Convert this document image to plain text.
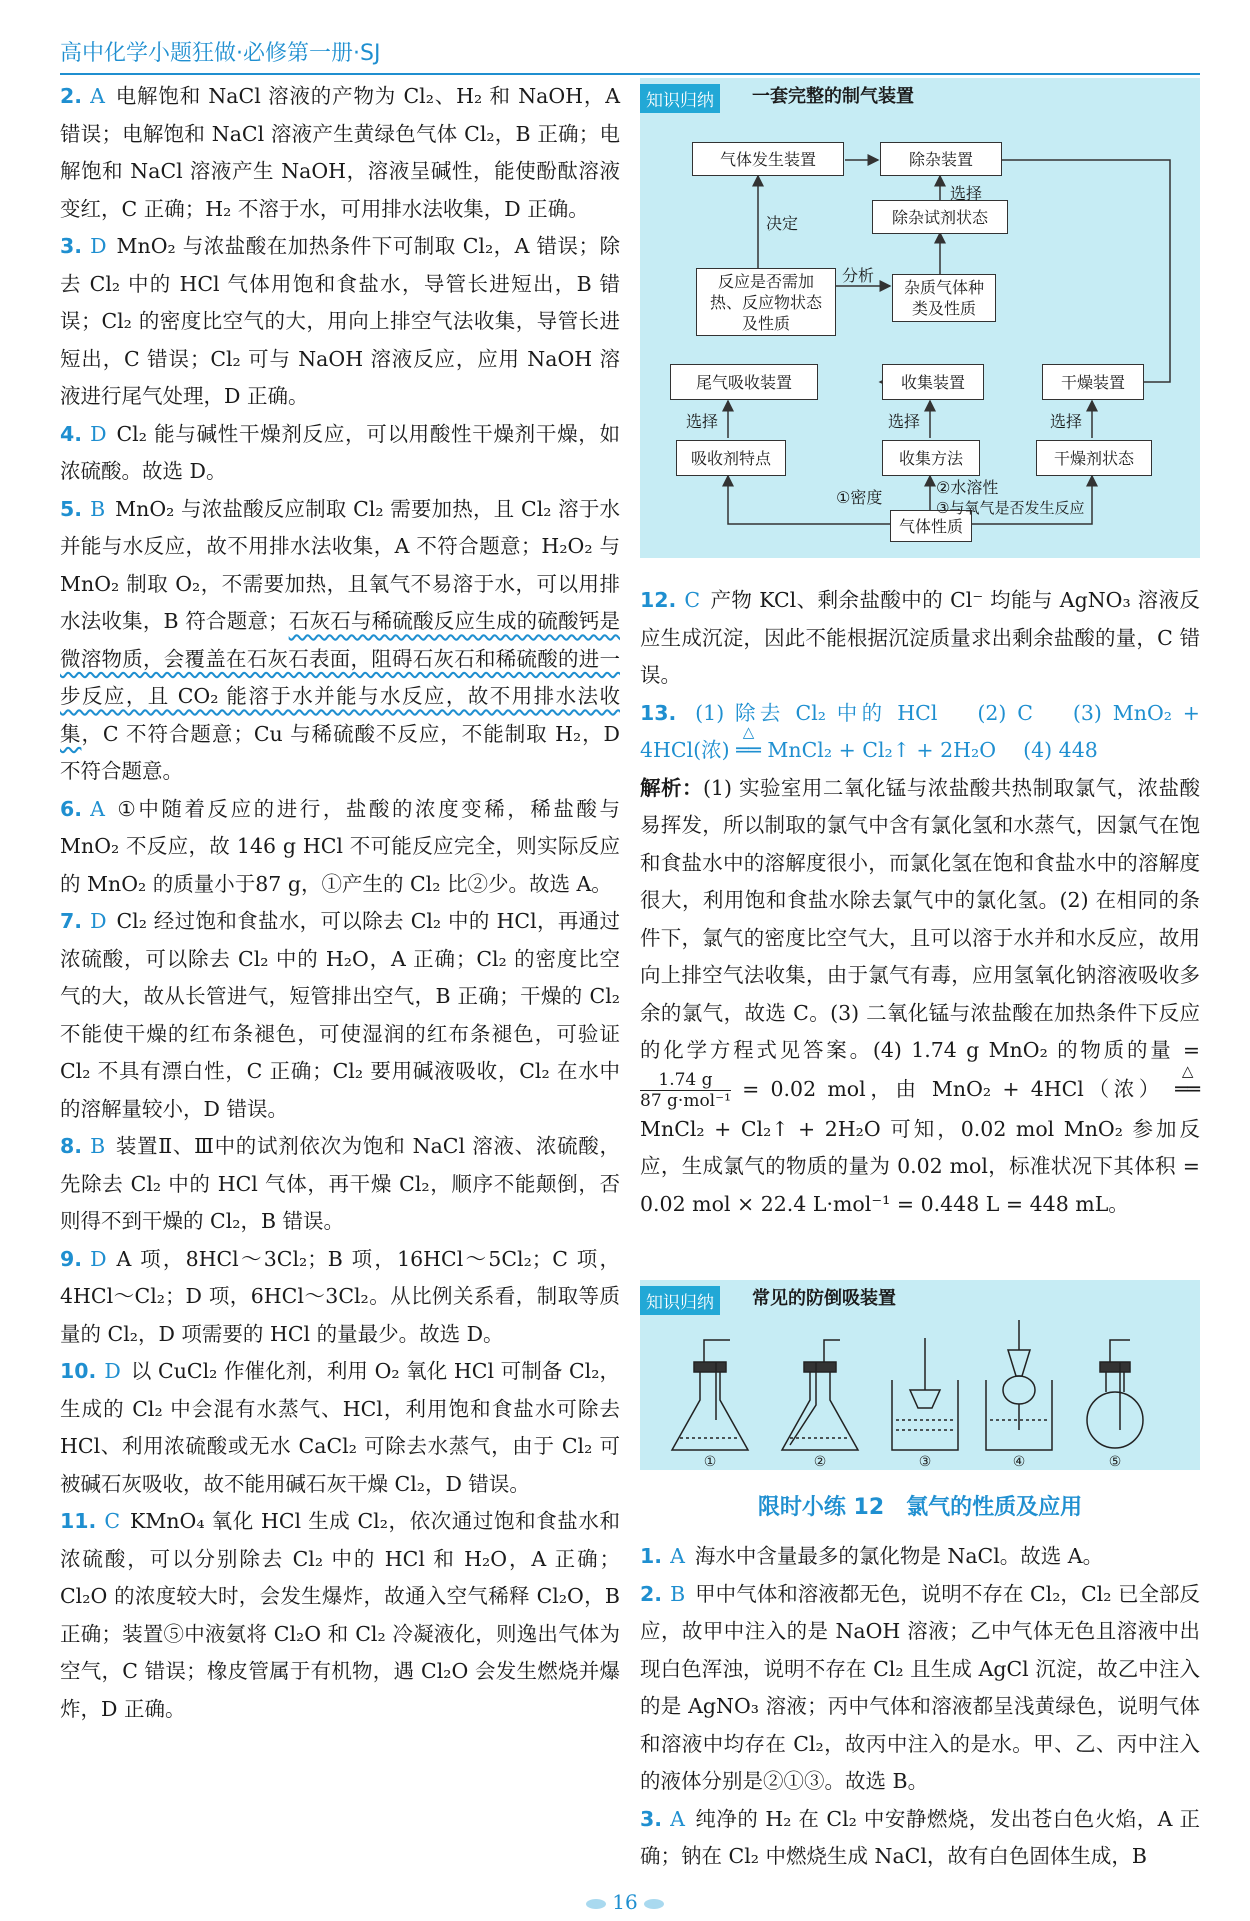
高中化学小题狂做·必修第一册·SJ

2. A 电解饱和 NaCl 溶液的产物为 Cl₂、H₂ 和 NaOH，A 错误；电解饱和 NaCl 溶液产生黄绿色气体 Cl₂，B 正确；电解饱和 NaCl 溶液产生 NaOH，溶液呈碱性，能使酚酞溶液变红，C 正确；H₂ 不溶于水，可用排水法收集，D 正确。

3. D MnO₂ 与浓盐酸在加热条件下可制取 Cl₂，A 错误；除去 Cl₂ 中的 HCl 气体用饱和食盐水，导管长进短出，B 错误；Cl₂ 的密度比空气的大，用向上排空气法收集，导管长进短出，C 错误；Cl₂ 可与 NaOH 溶液反应，应用 NaOH 溶液进行尾气处理，D 正确。

4. D Cl₂ 能与碱性干燥剂反应，可以用酸性干燥剂干燥，如浓硫酸。故选 D。

5. B MnO₂ 与浓盐酸反应制取 Cl₂ 需要加热，且 Cl₂ 溶于水并能与水反应，故不用排水法收集，A 不符合题意；H₂O₂ 与 MnO₂ 制取 O₂，不需要加热，且氧气不易溶于水，可以用排水法收集，B 符合题意；石灰石与稀硫酸反应生成的硫酸钙是微溶物质，会覆盖在石灰石表面，阻碍石灰石和稀硫酸的进一步反应，且 CO₂ 能溶于水并能与水反应，故不用排水法收集，C 不符合题意；Cu 与稀硫酸不反应，不能制取 H₂，D 不符合题意。

6. A ①中随着反应的进行，盐酸的浓度变稀，稀盐酸与 MnO₂ 不反应，故 146 g HCl 不可能反应完全，则实际反应的 MnO₂ 的质量小于87 g，①产生的 Cl₂ 比②少。故选 A。

7. D Cl₂ 经过饱和食盐水，可以除去 Cl₂ 中的 HCl，再通过浓硫酸，可以除去 Cl₂ 中的 H₂O，A 正确；Cl₂ 的密度比空气的大，故从长管进气，短管排出空气，B 正确；干燥的 Cl₂ 不能使干燥的红布条褪色，可使湿润的红布条褪色，可验证 Cl₂ 不具有漂白性，C 正确；Cl₂ 要用碱液吸收，Cl₂ 在水中的溶解量较小，D 错误。

8. B 装置Ⅱ、Ⅲ中的试剂依次为饱和 NaCl 溶液、浓硫酸，先除去 Cl₂ 中的 HCl 气体，再干燥 Cl₂，顺序不能颠倒，否则得不到干燥的 Cl₂，B 错误。

9. D A 项，8HCl～3Cl₂；B 项，16HCl～5Cl₂；C 项，4HCl～Cl₂；D 项，6HCl～3Cl₂。从比例关系看，制取等质量的 Cl₂，D 项需要的 HCl 的量最少。故选 D。

10. D 以 CuCl₂ 作催化剂，利用 O₂ 氧化 HCl 可制备 Cl₂，生成的 Cl₂ 中会混有水蒸气、HCl，利用饱和食盐水可除去 HCl、利用浓硫酸或无水 CaCl₂ 可除去水蒸气，由于 Cl₂ 可被碱石灰吸收，故不能用碱石灰干燥 Cl₂，D 错误。

11. C KMnO₄ 氧化 HCl 生成 Cl₂，依次通过饱和食盐水和浓硫酸，可以分别除去 Cl₂ 中的 HCl 和 H₂O，A 正确；Cl₂O 的浓度较大时，会发生爆炸，故通入空气稀释 Cl₂O，B 正确；装置⑤中液氨将 Cl₂O 和 Cl₂ 冷凝液化，则逸出气体为空气，C 错误；橡皮管属于有机物，遇 Cl₂O 会发生燃烧并爆炸，D 正确。

知识归纳	一套完整的制气装置
气体发生装置	除杂装置
除杂试剂状态
反应是否需加热、反应物状态及性质
杂质气体种类及性质
尾气吸收装置	收集装置	干燥装置
吸收剂特点	收集方法	干燥剂状态
气体性质
决定
选择
分析
选择	选择	选择
①密度
②水溶性
③与氧气是否发生反应

12. C 产物 KCl、剩余盐酸中的 Cl⁻ 均能与 AgNO₃ 溶液反应生成沉淀，因此不能根据沉淀质量求出剩余盐酸的量，C 错误。

13. (1) 除去 Cl₂ 中的 HCl　 (2) C　 (3) MnO₂ + 4HCl(浓)
△
══ MnCl₂ + Cl₂↑ + 2H₂O　 (4) 448

解析：(1) 实验室用二氧化锰与浓盐酸共热制取氯气，浓盐酸易挥发，所以制取的氯气中含有氯化氢和水蒸气，因氯气在饱和食盐水中的溶解度很小，而氯化氢在饱和食盐水中的溶解度很大，利用饱和食盐水除去氯气中的氯化氢。(2) 在相同的条件下，氯气的密度比空气大，且可以溶于水并和水反应，故用向上排空气法收集，由于氯气有毒，应用氢氧化钠溶液吸收多余的氯气，故选 C。(3) 二氧化锰与浓盐酸在加热条件下反应的化学方程式见答案。(4) 1.74 g MnO₂ 的物质的量 =
$\frac{1.74 g}{\text{87 g·mol⁻¹}} = 0.02$ mol，由 MnO₂ + 4HCl（浓）
△
══ MnCl₂ + Cl₂↑ + 2H₂O 可知，0.02 mol MnO₂ 参加反应，生成氯气的物质的量为 0.02 mol，标准状况下其体积 = 0.02 mol × 22.4 L·mol⁻¹ = 0.448 L = 448 mL。

知识归纳	常见的防倒吸装置
①	②	③	④	⑤
限时小练 12　氯气的性质及应用

1. A 海水中含量最多的氯化物是 NaCl。故选 A。

2. B 甲中气体和溶液都无色，说明不存在 Cl₂，Cl₂ 已全部反应，故甲中注入的是 NaOH 溶液；乙中气体无色且溶液中出现白色浑浊，说明不存在 Cl₂ 且生成 AgCl 沉淀，故乙中注入的是 AgNO₃ 溶液；丙中气体和溶液都呈浅黄绿色，说明气体和溶液中均存在 Cl₂，故丙中注入的是水。甲、乙、丙中注入的液体分别是②①③。故选 B。

3. A 纯净的 H₂ 在 Cl₂ 中安静燃烧，发出苍白色火焰，A 正确；钠在 Cl₂ 中燃烧生成 NaCl，故有白色固体生成，B

16
